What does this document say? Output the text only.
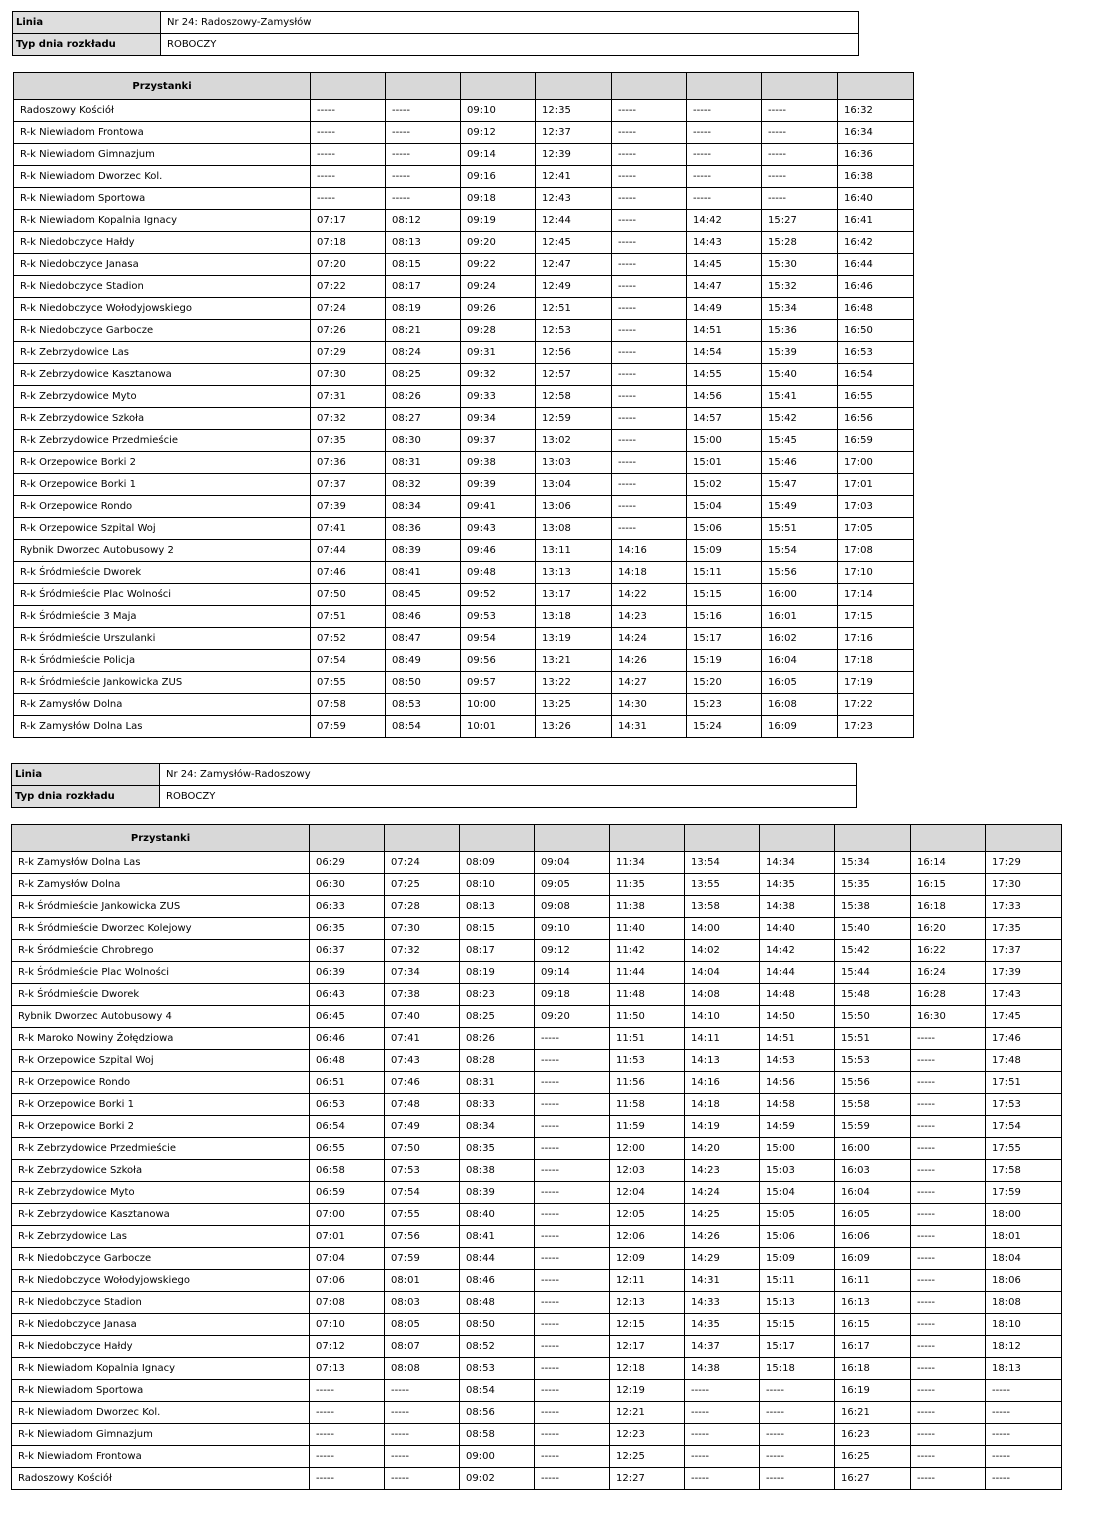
Linia	Nr 24: Radoszowy-Zamysłów
Typ dnia rozkładu	ROBOCZY
Przystanki								
Radoszowy Kościół	-----	-----	09:10	12:35	-----	-----	-----	16:32
R-k Niewiadom Frontowa	-----	-----	09:12	12:37	-----	-----	-----	16:34
R-k Niewiadom Gimnazjum	-----	-----	09:14	12:39	-----	-----	-----	16:36
R-k Niewiadom Dworzec Kol.	-----	-----	09:16	12:41	-----	-----	-----	16:38
R-k Niewiadom Sportowa	-----	-----	09:18	12:43	-----	-----	-----	16:40
R-k Niewiadom Kopalnia Ignacy	07:17	08:12	09:19	12:44	-----	14:42	15:27	16:41
R-k Niedobczyce Hałdy	07:18	08:13	09:20	12:45	-----	14:43	15:28	16:42
R-k Niedobczyce Janasa	07:20	08:15	09:22	12:47	-----	14:45	15:30	16:44
R-k Niedobczyce Stadion	07:22	08:17	09:24	12:49	-----	14:47	15:32	16:46
R-k Niedobczyce Wołodyjowskiego	07:24	08:19	09:26	12:51	-----	14:49	15:34	16:48
R-k Niedobczyce Garbocze	07:26	08:21	09:28	12:53	-----	14:51	15:36	16:50
R-k Zebrzydowice Las	07:29	08:24	09:31	12:56	-----	14:54	15:39	16:53
R-k Zebrzydowice Kasztanowa	07:30	08:25	09:32	12:57	-----	14:55	15:40	16:54
R-k Zebrzydowice Myto	07:31	08:26	09:33	12:58	-----	14:56	15:41	16:55
R-k Zebrzydowice Szkoła	07:32	08:27	09:34	12:59	-----	14:57	15:42	16:56
R-k Zebrzydowice Przedmieście	07:35	08:30	09:37	13:02	-----	15:00	15:45	16:59
R-k Orzepowice Borki 2	07:36	08:31	09:38	13:03	-----	15:01	15:46	17:00
R-k Orzepowice Borki 1	07:37	08:32	09:39	13:04	-----	15:02	15:47	17:01
R-k Orzepowice Rondo	07:39	08:34	09:41	13:06	-----	15:04	15:49	17:03
R-k Orzepowice Szpital Woj	07:41	08:36	09:43	13:08	-----	15:06	15:51	17:05
Rybnik Dworzec Autobusowy 2	07:44	08:39	09:46	13:11	14:16	15:09	15:54	17:08
R-k Śródmieście Dworek	07:46	08:41	09:48	13:13	14:18	15:11	15:56	17:10
R-k Śródmieście Plac Wolności	07:50	08:45	09:52	13:17	14:22	15:15	16:00	17:14
R-k Śródmieście 3 Maja	07:51	08:46	09:53	13:18	14:23	15:16	16:01	17:15
R-k Śródmieście Urszulanki	07:52	08:47	09:54	13:19	14:24	15:17	16:02	17:16
R-k Śródmieście Policja	07:54	08:49	09:56	13:21	14:26	15:19	16:04	17:18
R-k Śródmieście Jankowicka ZUS	07:55	08:50	09:57	13:22	14:27	15:20	16:05	17:19
R-k Zamysłów Dolna	07:58	08:53	10:00	13:25	14:30	15:23	16:08	17:22
R-k Zamysłów Dolna Las	07:59	08:54	10:01	13:26	14:31	15:24	16:09	17:23
Linia	Nr 24: Zamysłów-Radoszowy
Typ dnia rozkładu	ROBOCZY
Przystanki										
R-k Zamysłów Dolna Las	06:29	07:24	08:09	09:04	11:34	13:54	14:34	15:34	16:14	17:29
R-k Zamysłów Dolna	06:30	07:25	08:10	09:05	11:35	13:55	14:35	15:35	16:15	17:30
R-k Śródmieście Jankowicka ZUS	06:33	07:28	08:13	09:08	11:38	13:58	14:38	15:38	16:18	17:33
R-k Śródmieście Dworzec Kolejowy	06:35	07:30	08:15	09:10	11:40	14:00	14:40	15:40	16:20	17:35
R-k Śródmieście Chrobrego	06:37	07:32	08:17	09:12	11:42	14:02	14:42	15:42	16:22	17:37
R-k Śródmieście Plac Wolności	06:39	07:34	08:19	09:14	11:44	14:04	14:44	15:44	16:24	17:39
R-k Śródmieście Dworek	06:43	07:38	08:23	09:18	11:48	14:08	14:48	15:48	16:28	17:43
Rybnik Dworzec Autobusowy 4	06:45	07:40	08:25	09:20	11:50	14:10	14:50	15:50	16:30	17:45
R-k Maroko Nowiny Żołędziowa	06:46	07:41	08:26	-----	11:51	14:11	14:51	15:51	-----	17:46
R-k Orzepowice Szpital Woj	06:48	07:43	08:28	-----	11:53	14:13	14:53	15:53	-----	17:48
R-k Orzepowice Rondo	06:51	07:46	08:31	-----	11:56	14:16	14:56	15:56	-----	17:51
R-k Orzepowice Borki 1	06:53	07:48	08:33	-----	11:58	14:18	14:58	15:58	-----	17:53
R-k Orzepowice Borki 2	06:54	07:49	08:34	-----	11:59	14:19	14:59	15:59	-----	17:54
R-k Zebrzydowice Przedmieście	06:55	07:50	08:35	-----	12:00	14:20	15:00	16:00	-----	17:55
R-k Zebrzydowice Szkoła	06:58	07:53	08:38	-----	12:03	14:23	15:03	16:03	-----	17:58
R-k Zebrzydowice Myto	06:59	07:54	08:39	-----	12:04	14:24	15:04	16:04	-----	17:59
R-k Zebrzydowice Kasztanowa	07:00	07:55	08:40	-----	12:05	14:25	15:05	16:05	-----	18:00
R-k Zebrzydowice Las	07:01	07:56	08:41	-----	12:06	14:26	15:06	16:06	-----	18:01
R-k Niedobczyce Garbocze	07:04	07:59	08:44	-----	12:09	14:29	15:09	16:09	-----	18:04
R-k Niedobczyce Wołodyjowskiego	07:06	08:01	08:46	-----	12:11	14:31	15:11	16:11	-----	18:06
R-k Niedobczyce Stadion	07:08	08:03	08:48	-----	12:13	14:33	15:13	16:13	-----	18:08
R-k Niedobczyce Janasa	07:10	08:05	08:50	-----	12:15	14:35	15:15	16:15	-----	18:10
R-k Niedobczyce Hałdy	07:12	08:07	08:52	-----	12:17	14:37	15:17	16:17	-----	18:12
R-k Niewiadom Kopalnia Ignacy	07:13	08:08	08:53	-----	12:18	14:38	15:18	16:18	-----	18:13
R-k Niewiadom Sportowa	-----	-----	08:54	-----	12:19	-----	-----	16:19	-----	-----
R-k Niewiadom Dworzec Kol.	-----	-----	08:56	-----	12:21	-----	-----	16:21	-----	-----
R-k Niewiadom Gimnazjum	-----	-----	08:58	-----	12:23	-----	-----	16:23	-----	-----
R-k Niewiadom Frontowa	-----	-----	09:00	-----	12:25	-----	-----	16:25	-----	-----
Radoszowy Kościół	-----	-----	09:02	-----	12:27	-----	-----	16:27	-----	-----
